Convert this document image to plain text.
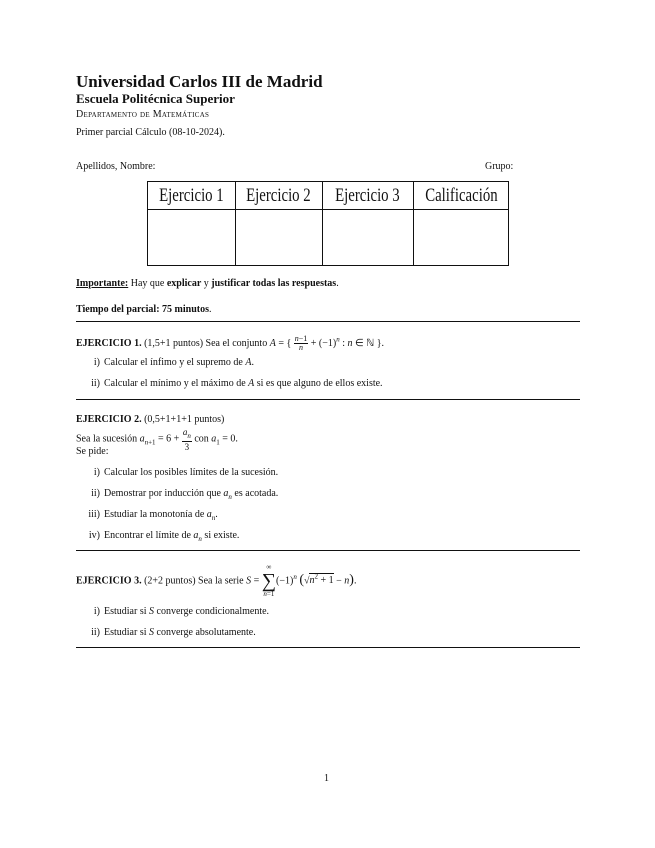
Universidad Carlos III de Madrid
Escuela Politécnica Superior
Departamento de Matemáticas
Primer parcial Cálculo (08-10-2024).
Apellidos, Nombre:	Grupo:
Ejercicio 1	Ejercicio 2	Ejercicio 3	Calificación

Importante: Hay que explicar y justificar todas las respuestas.
Tiempo del parcial: 75 minutos.
EJERCICIO 1. (1,5+1 puntos) Sea el conjunto A = { $\frac{n-1}{n} + (-1)^n$ : n ∈ ℕ }.
i) Calcular el ínfimo y el supremo de A.
ii) Calcular el mínimo y el máximo de A si es que alguno de ellos existe.
EJERCICIO 2. (0,5+1+1+1 puntos)
Sea la sucesión $a_{n+1} = 6 + \frac{a_n}{3}$ con $a_1 = 0$.
Se pide:
i) Calcular los posibles límites de la sucesión.
ii) Demostrar por inducción que $a_n$ es acotada.
iii) Estudiar la monotonía de $a_n$.
iv) Encontrar el límite de $a_n$ si existe.
EJERCICIO 3. (2+2 puntos) Sea la serie S =
∞
∑
n=1
$(-1)^n$ $(√n^2 + 1 - n)$.
i) Estudiar si S converge condicionalmente.
ii) Estudiar si S converge absolutamente.
1
